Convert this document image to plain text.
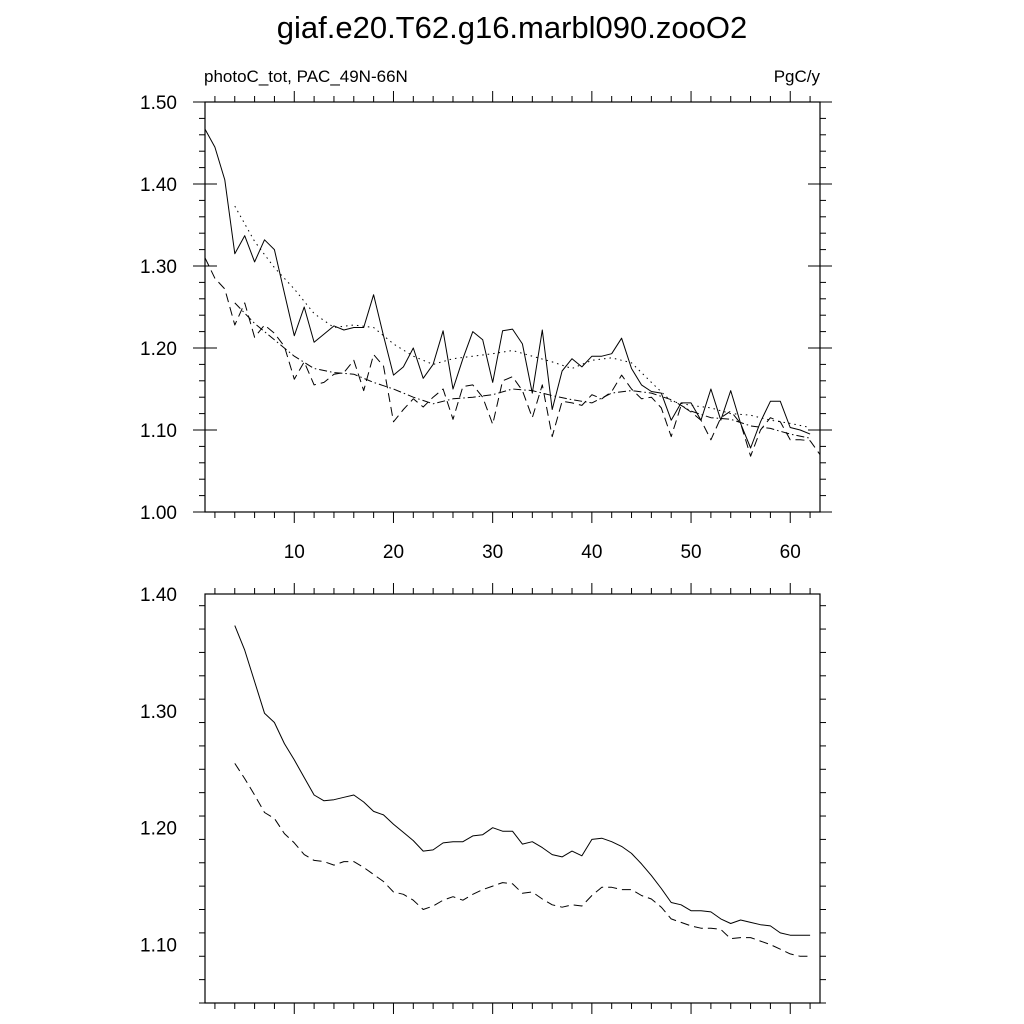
giaf.e20.T62.g16.marbl090.zooO2
photoC_tot, PAC_49N-66N	PgC/y
10	20	30	40	50	60
1.00
1.10
1.20
1.30
1.40
1.50
1.10
1.20
1.30
1.40
